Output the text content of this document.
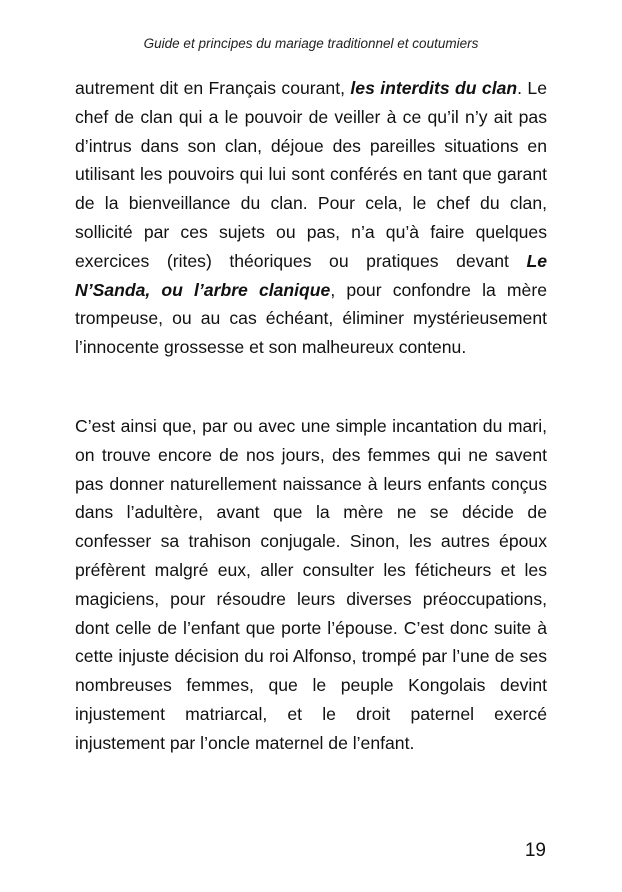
Guide et principes du mariage traditionnel et coutumiers

autrement dit en Français courant, les interdits du clan. Le chef de clan qui a le pouvoir de veiller à ce qu’il n’y ait pas d’intrus dans son clan, déjoue des pareilles situations en utilisant les pouvoirs qui lui sont conférés en tant que garant de la bienveillance du clan. Pour cela, le chef du clan, sollicité par ces sujets ou pas, n’a qu’à faire quelques exercices (rites) théoriques ou pratiques devant Le N’Sanda, ou l’arbre clanique, pour confondre la mère trompeuse, ou au cas échéant, éliminer mystérieusement l’innocente grossesse et son malheureux contenu.

C’est ainsi que, par ou avec une simple incantation du mari, on trouve encore de nos jours, des femmes qui ne savent pas donner naturellement naissance à leurs enfants conçus dans l’adultère, avant que la mère ne se décide de confesser sa trahison conjugale. Sinon, les autres époux préfèrent malgré eux, aller consulter les féticheurs et les magiciens, pour résoudre leurs diverses préoccupations, dont celle de l’enfant que porte l’épouse. C’est donc suite à cette injuste décision du roi Alfonso, trompé par l’une de ses nombreuses femmes, que le peuple Kongolais devint injustement matriarcal, et le droit paternel exercé injustement par l’oncle maternel de l’enfant.

19
